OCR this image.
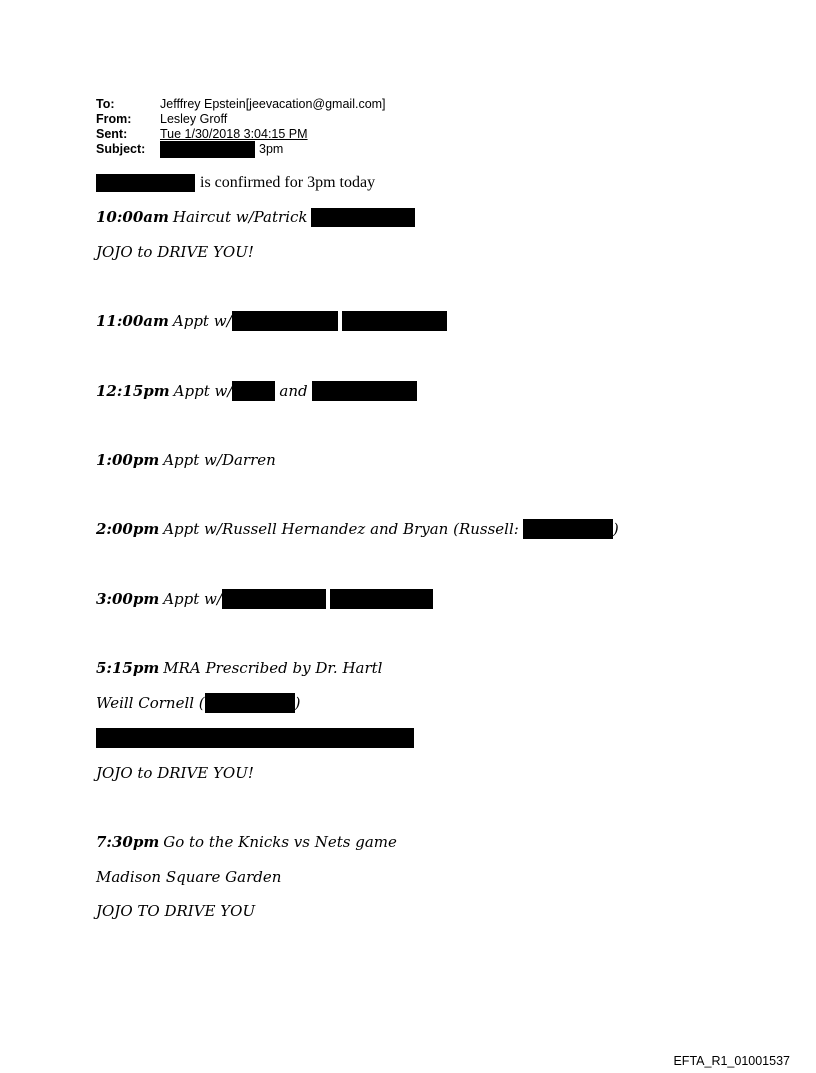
To:	Jefffrey Epstein[jeevacation@gmail.com]
From:	Lesley Groff
Sent:	Tue 1/30/2018 3:04:15 PM
Subject:	3pm
is confirmed for 3pm today
10:00am Haircut w/Patrick
JOJO to DRIVE YOU!
11:00am Appt w/
12:15pm Appt w/	and
1:00pm Appt w/Darren
2:00pm Appt w/Russell Hernandez and Bryan (Russell:	)
3:00pm Appt w/
5:15pm MRA Prescribed by Dr. Hartl
Weill Cornell (	)
JOJO to DRIVE YOU!
7:30pm Go to the Knicks vs Nets game
Madison Square Garden
JOJO TO DRIVE YOU
EFTA_R1_01001537
